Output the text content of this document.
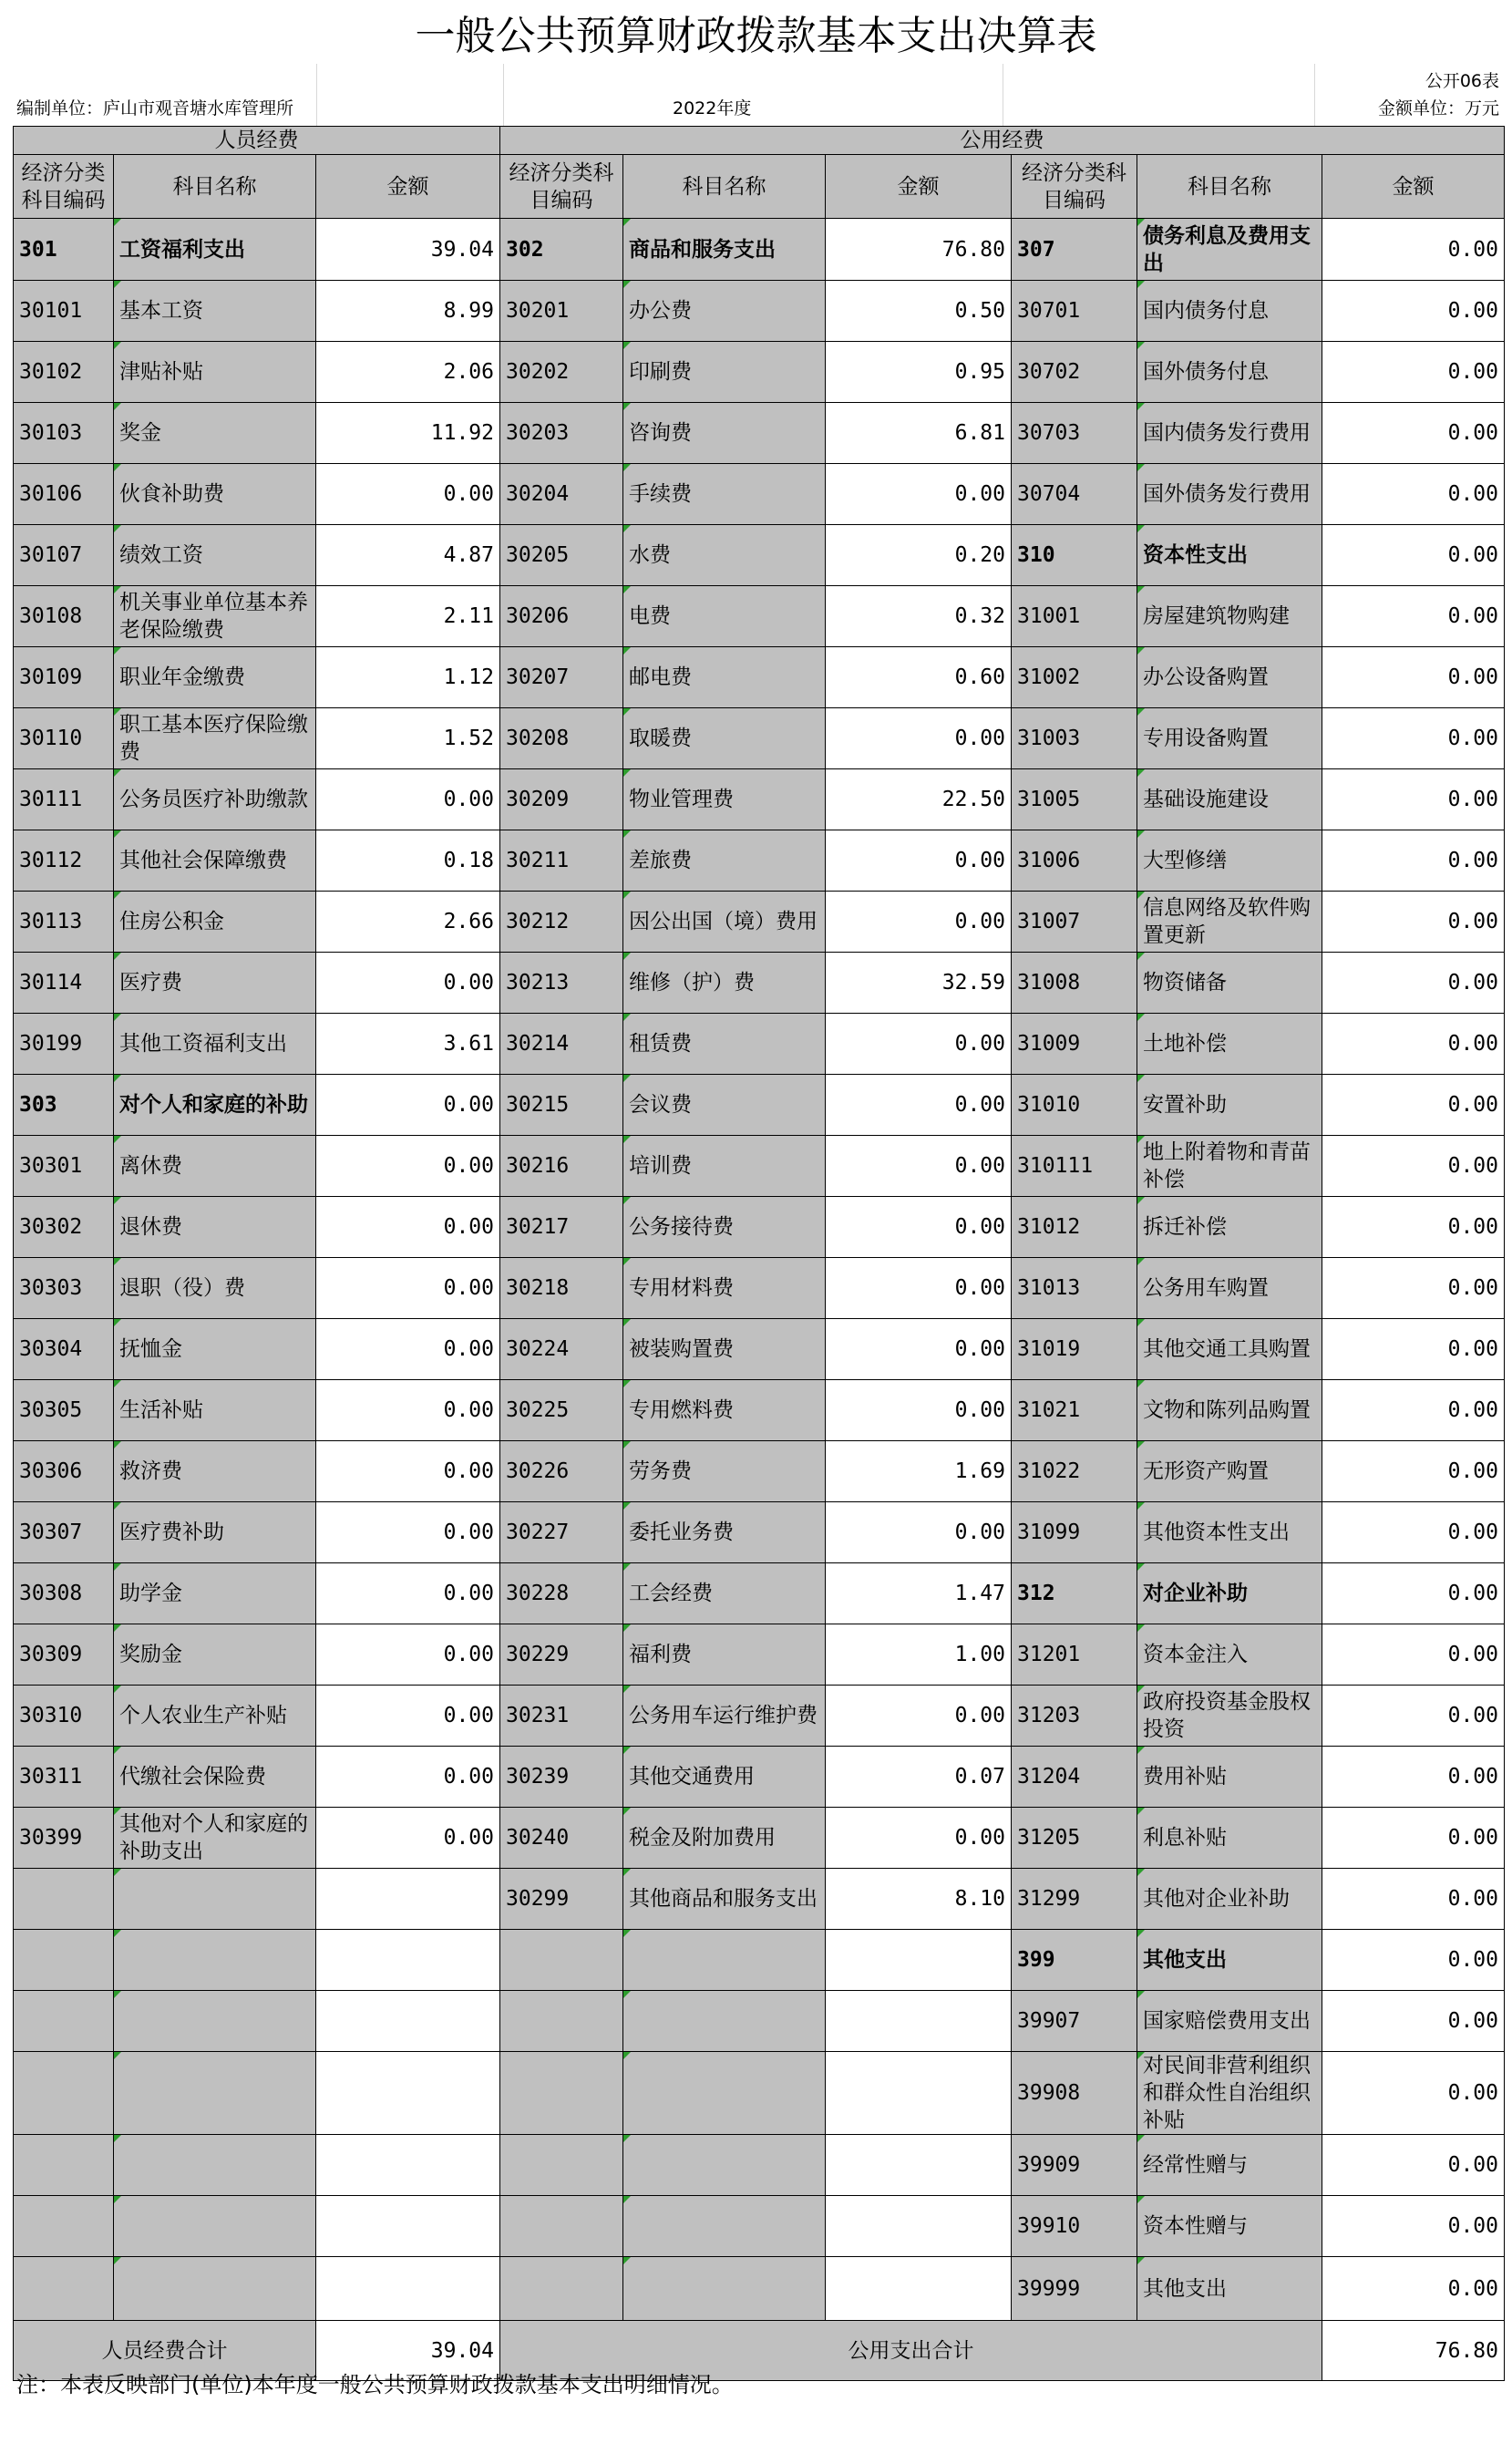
一般公共预算财政拨款基本支出决算表
公开06表
编制单位：庐山市观音塘水库管理所	2022年度	金额单位：万元
人员经费			公用经费					
经济分类科目编码	科目名称	金额	经济分类科目编码	科目名称	金额	经济分类科目编码	科目名称	金额
301	工资福利支出	39.04	302	商品和服务支出	76.80	307	债务利息及费用支出	0.00
30101	基本工资	8.99	30201	办公费	0.50	30701	国内债务付息	0.00
30102	津贴补贴	2.06	30202	印刷费	0.95	30702	国外债务付息	0.00
30103	奖金	11.92	30203	咨询费	6.81	30703	国内债务发行费用	0.00
30106	伙食补助费	0.00	30204	手续费	0.00	30704	国外债务发行费用	0.00
30107	绩效工资	4.87	30205	水费	0.20	310	资本性支出	0.00
30108	机关事业单位基本养老保险缴费	2.11	30206	电费	0.32	31001	房屋建筑物购建	0.00
30109	职业年金缴费	1.12	30207	邮电费	0.60	31002	办公设备购置	0.00
30110	职工基本医疗保险缴费	1.52	30208	取暖费	0.00	31003	专用设备购置	0.00
30111	公务员医疗补助缴款	0.00	30209	物业管理费	22.50	31005	基础设施建设	0.00
30112	其他社会保障缴费	0.18	30211	差旅费	0.00	31006	大型修缮	0.00
30113	住房公积金	2.66	30212	因公出国（境）费用	0.00	31007	信息网络及软件购置更新	0.00
30114	医疗费	0.00	30213	维修（护）费	32.59	31008	物资储备	0.00
30199	其他工资福利支出	3.61	30214	租赁费	0.00	31009	土地补偿	0.00
303	对个人和家庭的补助	0.00	30215	会议费	0.00	31010	安置补助	0.00
30301	离休费	0.00	30216	培训费	0.00	310111	地上附着物和青苗补偿	0.00
30302	退休费	0.00	30217	公务接待费	0.00	31012	拆迁补偿	0.00
30303	退职（役）费	0.00	30218	专用材料费	0.00	31013	公务用车购置	0.00
30304	抚恤金	0.00	30224	被装购置费	0.00	31019	其他交通工具购置	0.00
30305	生活补贴	0.00	30225	专用燃料费	0.00	31021	文物和陈列品购置	0.00
30306	救济费	0.00	30226	劳务费	1.69	31022	无形资产购置	0.00
30307	医疗费补助	0.00	30227	委托业务费	0.00	31099	其他资本性支出	0.00
30308	助学金	0.00	30228	工会经费	1.47	312	对企业补助	0.00
30309	奖励金	0.00	30229	福利费	1.00	31201	资本金注入	0.00
30310	个人农业生产补贴	0.00	30231	公务用车运行维护费	0.00	31203	政府投资基金股权投资	0.00
30311	代缴社会保险费	0.00	30239	其他交通费用	0.07	31204	费用补贴	0.00
30399	其他对个人和家庭的补助支出	0.00	30240	税金及附加费用	0.00	31205	利息补贴	0.00
			30299	其他商品和服务支出	8.10	31299	其他对企业补助	0.00
						399	其他支出	0.00
						39907	国家赔偿费用支出	0.00
						39908	对民间非营利组织和群众性自治组织补贴	0.00
						39909	经常性赠与	0.00
						39910	资本性赠与	0.00
						39999	其他支出	0.00
人员经费合计		39.04	公用支出合计					76.80
注：本表反映部门(单位)本年度一般公共预算财政拨款基本支出明细情况。
